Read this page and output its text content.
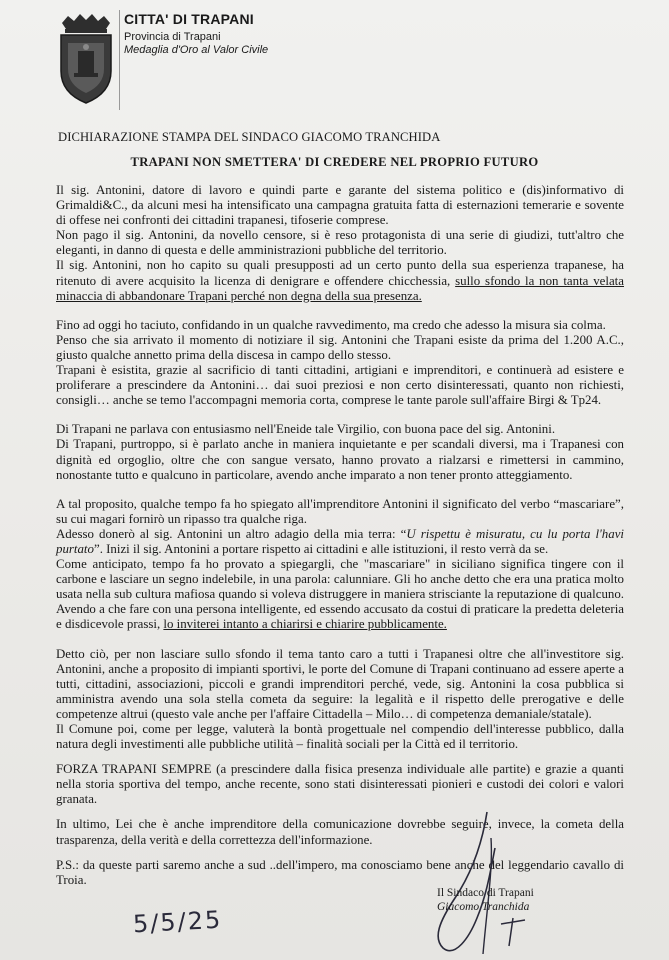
CITTA' DI TRAPANI
Provincia di Trapani
Medaglia d'Oro al Valor Civile
DICHIARAZIONE STAMPA DEL SINDACO GIACOMO TRANCHIDA
TRAPANI NON SMETTERA' DI CREDERE NEL PROPRIO FUTURO

Il sig. Antonini, datore di lavoro e quindi parte e garante del sistema politico e (dis)informativo di Grimaldi&C., da alcuni mesi ha intensificato una campagna gratuita fatta di esternazioni temerarie e sovente di offese nei confronti dei cittadini trapanesi, tifoserie comprese.

Non pago il sig. Antonini, da novello censore, si è reso protagonista di una serie di giudizi, tutt'altro che eleganti, in danno di questa e delle amministrazioni pubbliche del territorio.

Il sig. Antonini, non ho capito su quali presupposti ad un certo punto della sua esperienza trapanese, ha ritenuto di avere acquisito la licenza di denigrare e offendere chicchessia, sullo sfondo la non tanta velata minaccia di abbandonare Trapani perché non degna della sua presenza.

Fino ad oggi ho taciuto, confidando in un qualche ravvedimento, ma credo che adesso la misura sia colma.

Penso che sia arrivato il momento di notiziare il sig. Antonini che Trapani esiste da prima del 1.200 A.C., giusto qualche annetto prima della discesa in campo dello stesso.

Trapani è esistita, grazie al sacrificio di tanti cittadini, artigiani e imprenditori, e continuerà ad esistere e proliferare a prescindere da Antonini… dai suoi preziosi e non certo disinteressati, quanto non richiesti, consigli… anche se temo l'accompagni memoria corta, comprese le tante parole sull'affaire Birgi & Tp24.

Di Trapani ne parlava con entusiasmo nell'Eneide tale Virgilio, con buona pace del sig. Antonini.

Di Trapani, purtroppo, si è parlato anche in maniera inquietante e per scandali diversi, ma i Trapanesi con dignità ed orgoglio, oltre che con sangue versato, hanno provato a rialzarsi e rimettersi in cammino, nonostante tutto e qualcuno in particolare, avendo anche imparato a non tener pronto atteggiamento.

A tal proposito, qualche tempo fa ho spiegato all'imprenditore Antonini il significato del verbo “mascariare”, su cui magari fornirò un ripasso tra qualche riga.

Adesso donerò al sig. Antonini un altro adagio della mia terra: “U rispettu è misuratu, cu lu porta l'havi purtato”. Inizi il sig. Antonini a portare rispetto ai cittadini e alle istituzioni, il resto verrà da se.

Come anticipato, tempo fa ho provato a spiegargli, che "mascariare" in siciliano significa tingere con il carbone e lasciare un segno indelebile, in una parola: calunniare. Gli ho anche detto che era una pratica molto usata nella sub cultura mafiosa quando si voleva distruggere in maniera strisciante la reputazione di qualcuno. Avendo a che fare con una persona intelligente, ed essendo accusato da costui di praticare la predetta deleteria e disdicevole prassi, lo inviterei intanto a chiarirsi e chiarire pubblicamente.

Detto ciò, per non lasciare sullo sfondo il tema tanto caro a tutti i Trapanesi oltre che all'investitore sig. Antonini, anche a proposito di impianti sportivi, le porte del Comune di Trapani continuano ad essere aperte a tutti, cittadini, associazioni, piccoli e grandi imprenditori perché, vede, sig. Antonini la cosa pubblica si amministra avendo una sola stella cometa da seguire: la legalità e il rispetto delle prerogative e delle competenze altrui (questo vale anche per l'affaire Cittadella – Milo… di competenza demaniale/statale).

Il Comune poi, come per legge, valuterà la bontà progettuale nel compendio dell'interesse pubblico, dalla natura degli investimenti alle pubbliche utilità – finalità sociali per la Città ed il territorio.

FORZA TRAPANI SEMPRE (a prescindere dalla fisica presenza individuale alle partite) e grazie a quanti nella storia sportiva del tempo, anche recente, sono stati disinteressati pionieri e custodi dei colori e valori granata.

In ultimo, Lei che è anche imprenditore della comunicazione dovrebbe seguire, invece, la cometa della trasparenza, della verità e della correttezza dell'informazione.

P.S.: da queste parti saremo anche a sud ..dell'impero, ma conosciamo bene anche del leggendario cavallo di Troia.

Il Sindaco di Trapani
Giacomo Tranchida
5/5/25
